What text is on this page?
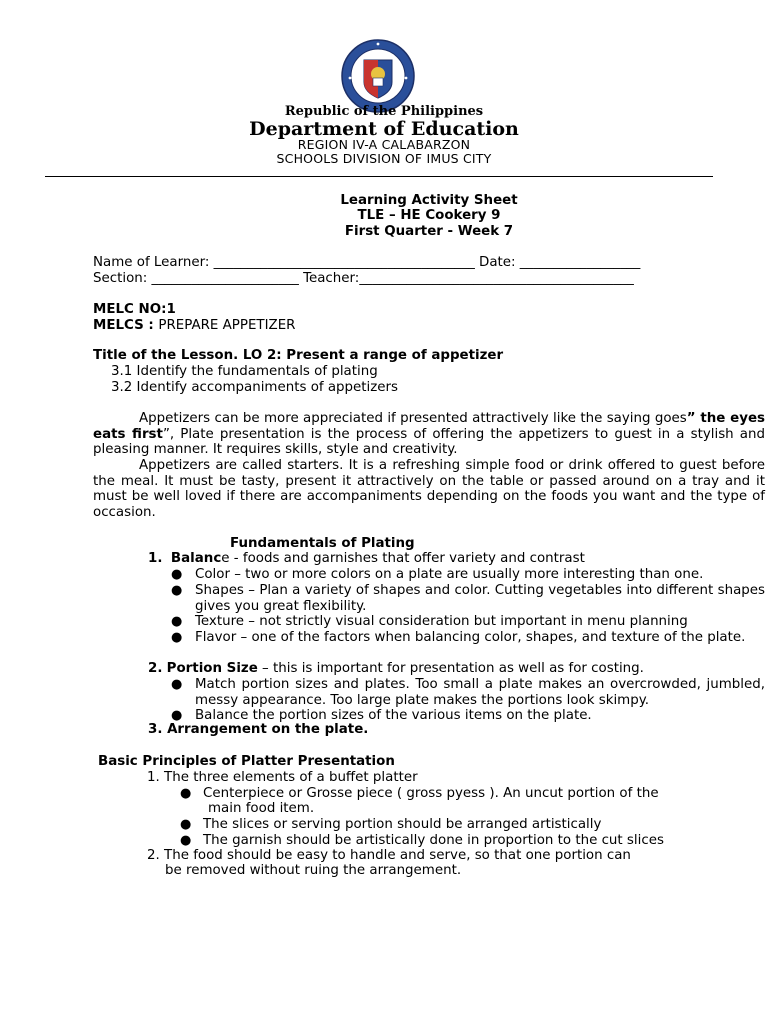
Republic of the Philippines
Department of Education
REGION IV-A CALABARZON
SCHOOLS DIVISION OF IMUS CITY
Learning Activity Sheet
TLE – HE Cookery 9
First Quarter - Week 7
Name of Learner: _______________________________________ Date: __________________
Section: ______________________ Teacher:_________________________________________
MELC NO:1
MELCS : PREPARE APPETIZER
Title of the Lesson. LO 2: Present a range of appetizer
3.1 Identify the fundamentals of plating
3.2 Identify accompaniments of appetizers
Appetizers can be more appreciated if presented attractively like the saying goes” the eyes eats first”, Plate presentation is the process of offering the appetizers to guest in a stylish and pleasing manner. It requires skills, style and creativity.
Appetizers are called starters. It is a refreshing simple food or drink offered to guest before the meal. It must be tasty, present it attractively on the table or passed around on a tray and it must be well loved if there are accompaniments depending on the foods you want and the type of occasion.
Fundamentals of Plating
1. Balance - foods and garnishes that offer variety and contrast
● Color – two or more colors on a plate are usually more interesting than one.
● Shapes – Plan a variety of shapes and color. Cutting vegetables into different shapes gives you great flexibility.
● Texture – not strictly visual consideration but important in menu planning
● Flavor – one of the factors when balancing color, shapes, and texture of the plate.
2. Portion Size – this is important for presentation as well as for costing.
● Match portion sizes and plates. Too small a plate makes an overcrowded, jumbled, messy appearance. Too large plate makes the portions look skimpy.
● Balance the portion sizes of the various items on the plate.
3. Arrangement on the plate.
Basic Principles of Platter Presentation
1. The three elements of a buffet platter
● Centerpiece or Grosse piece ( gross pyess ). An uncut portion of the
main food item.
● The slices or serving portion should be arranged artistically
● The garnish should be artistically done in proportion to the cut slices
2. The food should be easy to handle and serve, so that one portion can
be removed without ruing the arrangement.
